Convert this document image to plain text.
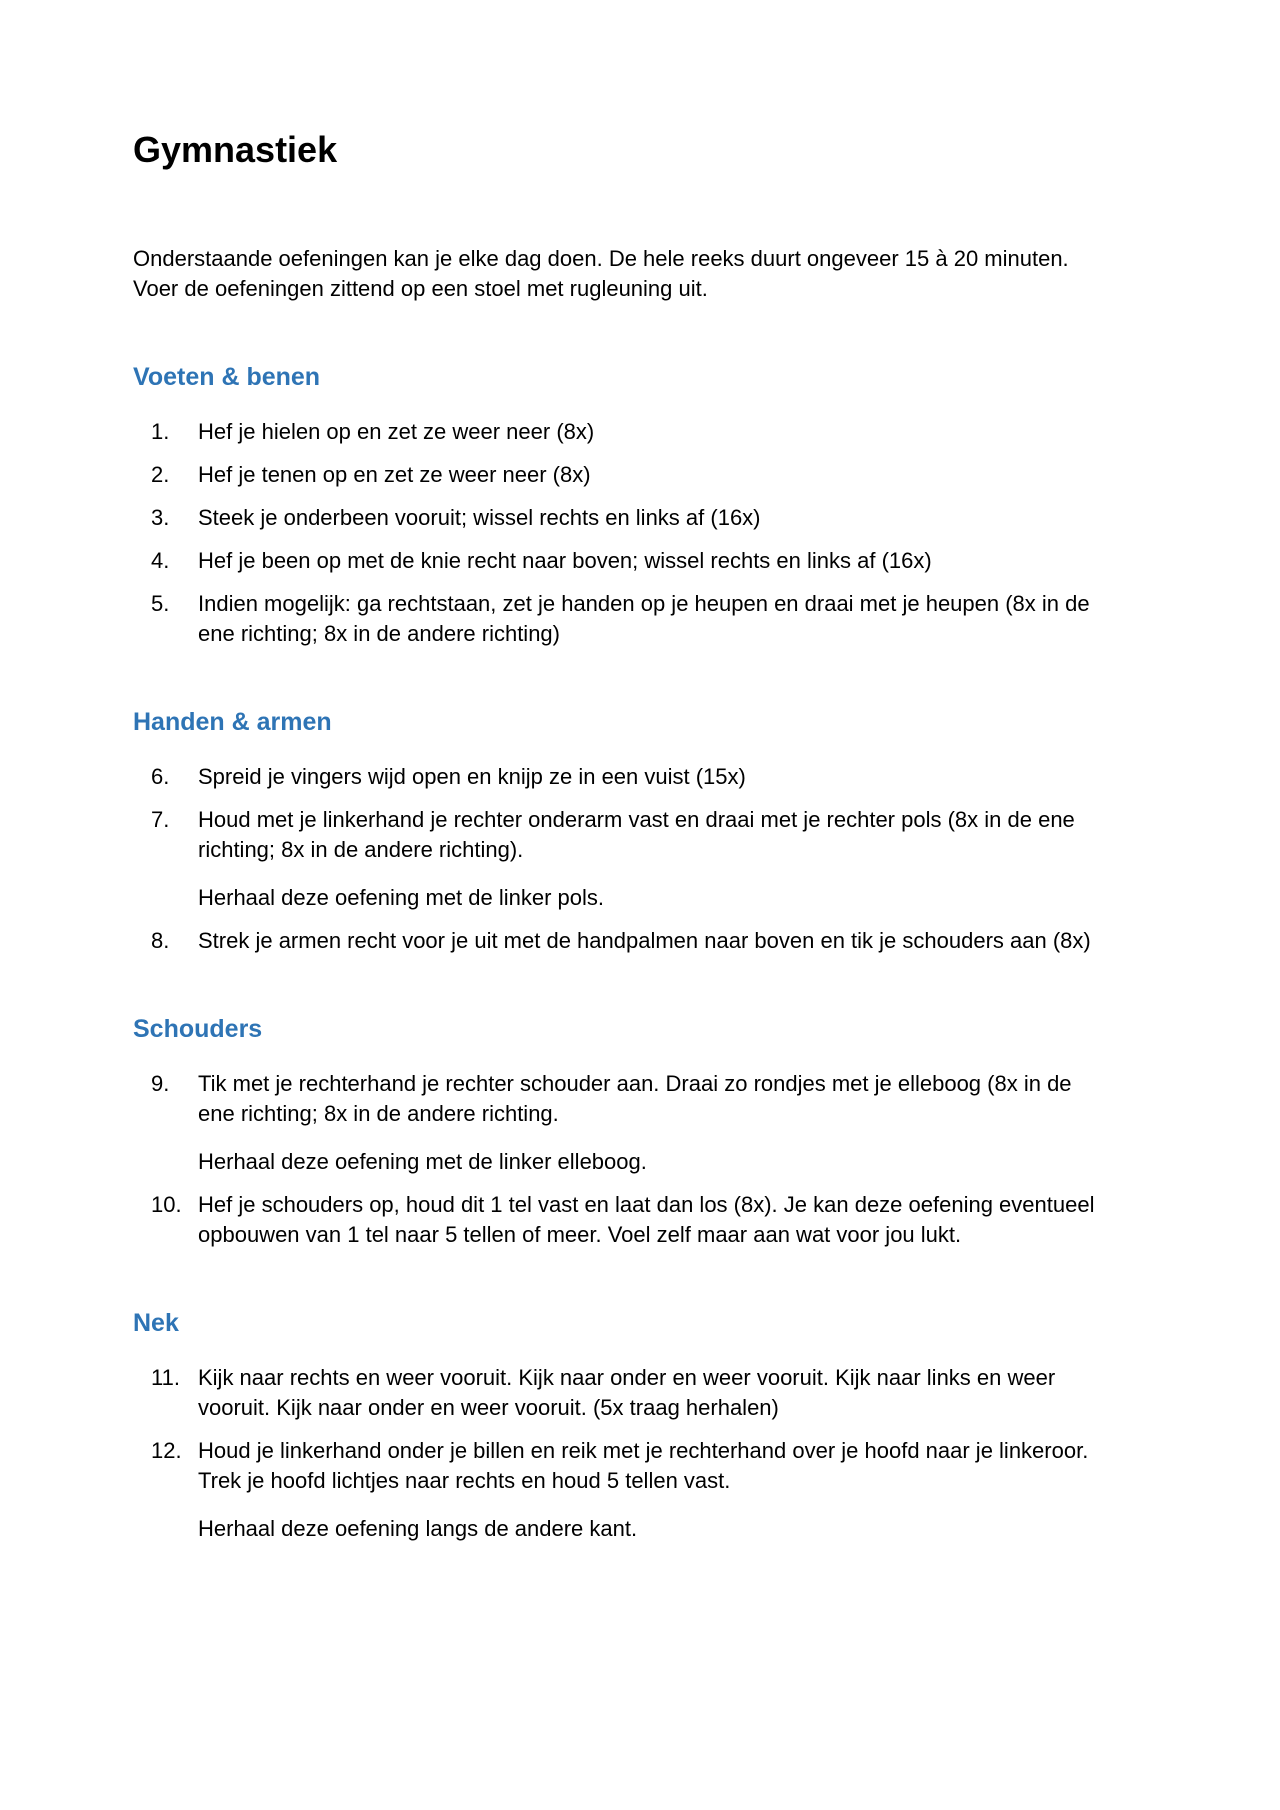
Gymnastiek

Onderstaande oefeningen kan je elke dag doen. De hele reeks duurt ongeveer 15 à 20 minuten. Voer de oefeningen zittend op een stoel met rugleuning uit.

Voeten & benen
1.	Hef je hielen op en zet ze weer neer (8x)
2.	Hef je tenen op en zet ze weer neer (8x)
3.	Steek je onderbeen vooruit; wissel rechts en links af (16x)
4.	Hef je been op met de knie recht naar boven; wissel rechts en links af (16x)
5.	Indien mogelijk: ga rechtstaan, zet je handen op je heupen en draai met je heupen (8x in de ene richting; 8x in de andere richting)
Handen & armen
6.	Spreid je vingers wijd open en knijp ze in een vuist (15x)
7.	Houd met je linkerhand je rechter onderarm vast en draai met je rechter pols (8x in de ene richting; 8x in de andere richting).

Herhaal deze oefening met de linker pols.

8.	Strek je armen recht voor je uit met de handpalmen naar boven en tik je schouders aan (8x)
Schouders
9.	Tik met je rechterhand je rechter schouder aan. Draai zo rondjes met je elleboog (8x in de ene richting; 8x in de andere richting.

Herhaal deze oefening met de linker elleboog.

10. Hef je schouders op, houd dit 1 tel vast en laat dan los (8x). Je kan deze oefening eventueel opbouwen van 1 tel naar 5 tellen of meer. Voel zelf maar aan wat voor jou lukt.
Nek
11. Kijk naar rechts en weer vooruit. Kijk naar onder en weer vooruit. Kijk naar links en weer vooruit. Kijk naar onder en weer vooruit. (5x traag herhalen)
12. Houd je linkerhand onder je billen en reik met je rechterhand over je hoofd naar je linkeroor. Trek je hoofd lichtjes naar rechts en houd 5 tellen vast.

Herhaal deze oefening langs de andere kant.
